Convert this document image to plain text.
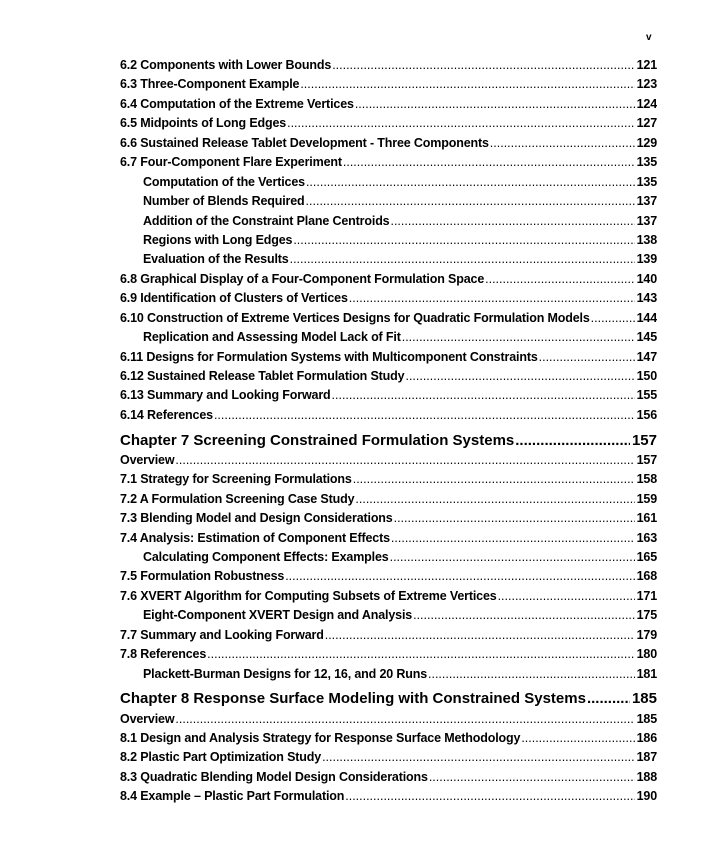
v
6.2 Components with Lower Bounds .....	121
6.3 Three-Component Example .....	123
6.4 Computation of the Extreme Vertices .....	124
6.5 Midpoints of Long Edges .....	127
6.6 Sustained Release Tablet Development - Three Components .....	129
6.7 Four-Component Flare Experiment .....	135
Computation of the Vertices .....	135
Number of Blends Required .....	137
Addition of the Constraint Plane Centroids .....	137
Regions with Long Edges .....	138
Evaluation of the Results .....	139
6.8 Graphical Display of a Four-Component Formulation Space .....	140
6.9 Identification of Clusters of Vertices .....	143
6.10 Construction of Extreme Vertices Designs for Quadratic Formulation Models .....	144
Replication and Assessing Model Lack of Fit .....	145
6.11 Designs for Formulation Systems with Multicomponent Constraints .....	147
6.12 Sustained Release Tablet Formulation Study .....	150
6.13 Summary and Looking Forward .....	155
6.14 References .....	156
Chapter 7 Screening Constrained Formulation Systems .....	157
Overview .....	157
7.1 Strategy for Screening Formulations .....	158
7.2 A Formulation Screening Case Study .....	159
7.3 Blending Model and Design Considerations .....	161
7.4 Analysis: Estimation of Component Effects .....	163
Calculating Component Effects: Examples .....	165
7.5 Formulation Robustness .....	168
7.6 XVERT Algorithm for Computing Subsets of Extreme Vertices .....	171
Eight-Component XVERT Design and Analysis .....	175
7.7 Summary and Looking Forward .....	179
7.8 References .....	180
Plackett-Burman Designs for 12, 16, and 20 Runs .....	181
Chapter 8 Response Surface Modeling with Constrained Systems .....	185
Overview .....	185
8.1 Design and Analysis Strategy for Response Surface Methodology .....	186
8.2 Plastic Part Optimization Study .....	187
8.3 Quadratic Blending Model Design Considerations .....	188
8.4 Example – Plastic Part Formulation .....	190
